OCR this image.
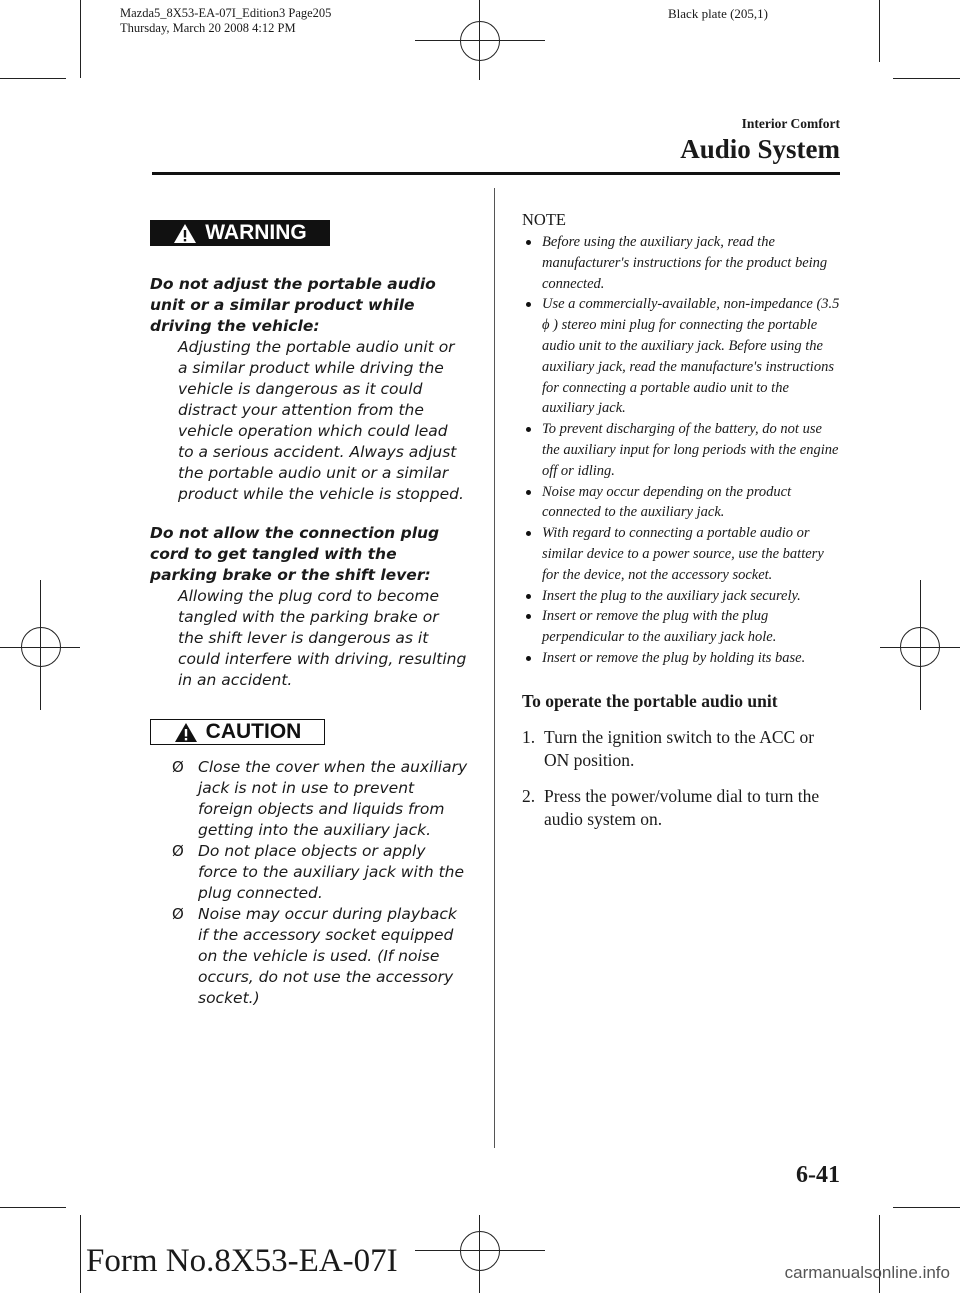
Mazda5_8X53-EA-07I_Edition3 Page205
Thursday, March 20 2008 4:12 PM
Black plate (205,1)
Interior Comfort
Audio System
WARNING
Do not adjust the portable audio unit or a similar product while driving the vehicle:
Adjusting the portable audio unit or a similar product while driving the vehicle is dangerous as it could distract your attention from the vehicle operation which could lead to a serious accident. Always adjust the portable audio unit or a similar product while the vehicle is stopped.
Do not allow the connection plug cord to get tangled with the parking brake or the shift lever:
Allowing the plug cord to become tangled with the parking brake or the shift lever is dangerous as it could interfere with driving, resulting in an accident.
CAUTION
Ø Close the cover when the auxiliary jack is not in use to prevent foreign objects and liquids from getting into the auxiliary jack.
Ø Do not place objects or apply force to the auxiliary jack with the plug connected.
Ø Noise may occur during playback if the accessory socket equipped on the vehicle is used. (If noise occurs, do not use the accessory socket.)
NOTE
Before using the auxiliary jack, read the manufacturer's instructions for the product being connected.
Use a commercially-available, non-impedance (3.5 ϕ ) stereo mini plug for connecting the portable audio unit to the auxiliary jack. Before using the auxiliary jack, read the manufacture's instructions for connecting a portable audio unit to the auxiliary jack.
To prevent discharging of the battery, do not use the auxiliary input for long periods with the engine off or idling.
Noise may occur depending on the product connected to the auxiliary jack.
With regard to connecting a portable audio or similar device to a power source, use the battery for the device, not the accessory socket.
Insert the plug to the auxiliary jack securely.
Insert or remove the plug with the plug perpendicular to the auxiliary jack hole.
Insert or remove the plug by holding its base.
To operate the portable audio unit
1. Turn the ignition switch to the ACC or ON position.
2. Press the power/volume dial to turn the audio system on.
6-41
Form No.8X53-EA-07I	carmanualsonline.info
